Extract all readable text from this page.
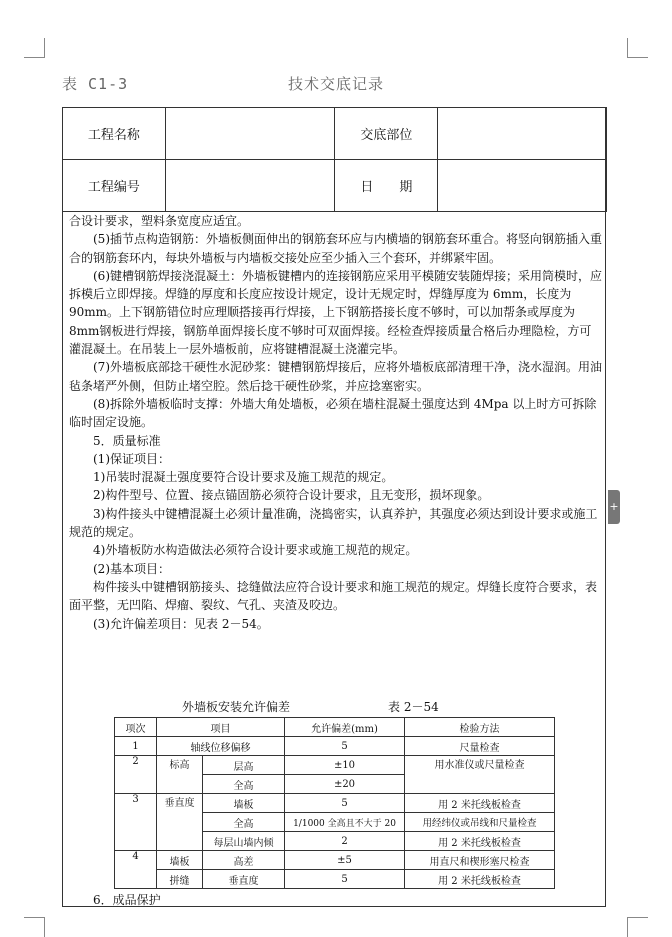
表 C1-3	技术交底记录
工程名称		交底部位	
工程编号		日　　期	

合设计要求，塑料条宽度应适宜。

(5)插节点构造钢筋：外墙板侧面伸出的钢筋套环应与内横墙的钢筋套环重合。将竖向钢筋插入重合的钢筋套环内，每块外墙板与内墙板交接处应至少插入三个套环，并绑紧牢固。

(6)键槽钢筋焊接浇混凝土：外墙板键槽内的连接钢筋应采用平模随安装随焊接；采用筒模时，应拆模后立即焊接。焊缝的厚度和长度应按设计规定，设计无规定时，焊缝厚度为 6mm，长度为 90mm。上下钢筋错位时应理顺搭接再行焊接，上下钢筋搭接长度不够时，可以加帮条或厚度为 8mm钢板进行焊接，钢筋单面焊接长度不够时可双面焊接。经检查焊接质量合格后办理隐检，方可灌混凝土。在吊装上一层外墙板前，应将键槽混凝土浇灌完毕。

(7)外墙板底部捻干硬性水泥砂浆：键槽钢筋焊接后，应将外墙板底部清理干净，浇水湿润。用油毡条堵严外侧，但防止堵空腔。然后捻干硬性砂浆，并应捻塞密实。

(8)拆除外墙板临时支撑：外墙大角处墙板，必须在墙柱混凝土强度达到 4Mpa 以上时方可拆除临时固定设施。

5．质量标准

(1)保证项目：

1)吊装时混凝土强度要符合设计要求及施工规范的规定。

2)构件型号、位置、接点锚固筋必须符合设计要求，且无变形，损坏现象。

3)构件接头中键槽混凝土必须计量准确，浇捣密实，认真养护，其强度必须达到设计要求或施工规范的规定。

4)外墙板防水构造做法必须符合设计要求或施工规范的规定。

(2)基本项目：

构件接头中键槽钢筋接头、捻缝做法应符合设计要求和施工规范的规定。焊缝长度符合要求，表面平整，无凹陷、焊瘤、裂纹、气孔、夹渣及咬边。

(3)允许偏差项目：见表 2－54。

外墙板安装允许偏差	表 2－54
项次	项目		允许偏差(mm)	检验方法
1	轴线位移偏移		5	尺量检查
2	标高	层高	±10	用水准仪或尺量检查
		全高	±20	
3	垂直度	墙板	5	用 2 米托线板检查
		全高	1/1000 全高且不大于 20	用经纬仪或吊线和尺量检查
		每层山墙内倾	2	用 2 米托线板检查
4	墙板	高差	±5	用直尺和楔形塞尺检查
	拼缝	垂直度	5	用 2 米托线板检查
6．成品保护
+
